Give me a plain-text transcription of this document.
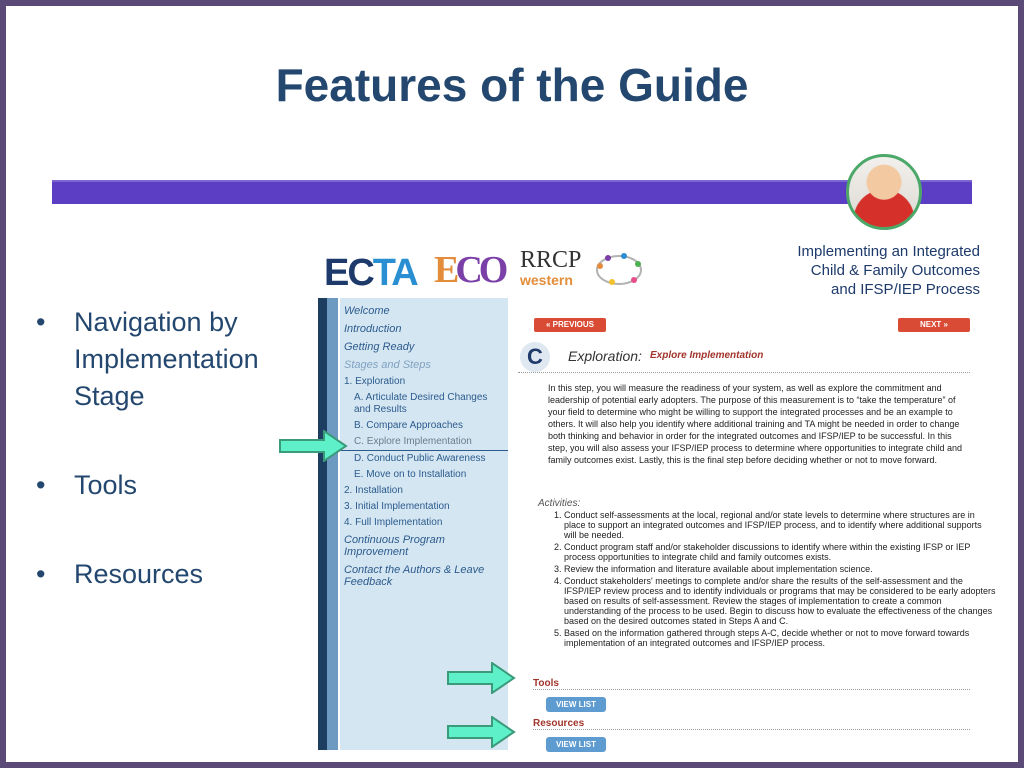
Features of the Guide
• Navigation by Implementation Stage
• Tools
• Resources
ECTA ECO RRCP
western
Implementing an Integrated
Child & Family Outcomes
and IFSP/IEP Process
Welcome
Introduction
Getting Ready
Stages and Steps
1. Exploration
A. Articulate Desired Changes and Results
B. Compare Approaches
C. Explore Implementation
D. Conduct Public Awareness
E. Move on to Installation
2. Installation
3. Initial Implementation
4. Full Implementation
Continuous Program Improvement
Contact the Authors & Leave Feedback
« PREVIOUS	NEXT »
C	Exploration: Explore Implementation
In this step, you will measure the readiness of your system, as well as explore the commitment and leadership of potential early adopters. The purpose of this measurement is to “take the temperature” of your field to determine who might be willing to support the integrated processes and be an example to others. It will also help you identify where additional training and TA might be needed in order to change both thinking and behavior in order for the integrated outcomes and IFSP/IEP to be successful. In this step, you will also assess your IFSP/IEP process to determine where opportunities to integrate child and family outcomes exist. Lastly, this is the final step before deciding whether or not to move forward.
Activities:
1. Conduct self-assessments at the local, regional and/or state levels to determine where structures are in place to support an integrated outcomes and IFSP/IEP process, and to identify where additional supports will be needed.
2. Conduct program staff and/or stakeholder discussions to identify where within the existing IFSP or IEP process opportunities to integrate child and family outcomes exists.
3. Review the information and literature available about implementation science.
4. Conduct stakeholders' meetings to complete and/or share the results of the self-assessment and the IFSP/IEP review process and to identify individuals or programs that may be considered to be early adopters based on results of self-assessment. Review the stages of implementation to create a common understanding of the process to be used. Begin to discuss how to evaluate the effectiveness of the changes based on the desired outcomes stated in Steps A and C.
5. Based on the information gathered through steps A-C, decide whether or not to move forward towards implementation of an integrated outcomes and IFSP/IEP process.
Tools
VIEW LIST
Resources
VIEW LIST
